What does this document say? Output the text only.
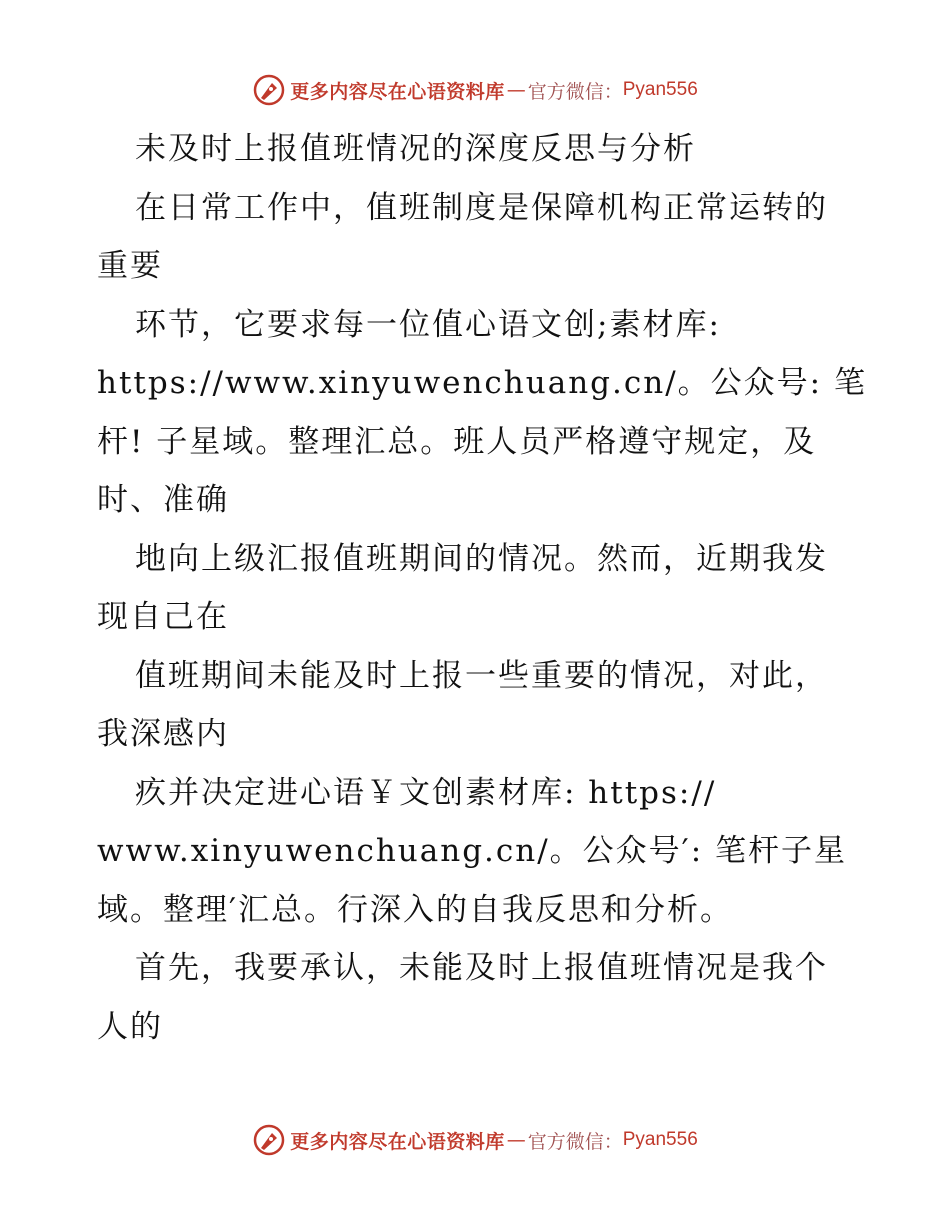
更多内容尽在心语资料库 — 官方微信： Pyan556
未及时上报值班情况的深度反思与分析
在日常工作中，值班制度是保障机构正常运转的
重要
环节，它要求每一位值心语文创;素材库:
https://www.xinyuwenchuang.cn/。公众号: 笔
杆! 子星域。整理汇总。班人员严格遵守规定，及
时、准确
地向上级汇报值班期间的情况。然而，近期我发
现自己在
值班期间未能及时上报一些重要的情况，对此，
我深感内
疚并决定进心语￥文创素材库: https://
www.xinyuwenchuang.cn/。公众号′: 笔杆子星
域。整理′汇总。行深入的自我反思和分析。
首先，我要承认，未能及时上报值班情况是我个
人的
更多内容尽在心语资料库 — 官方微信： Pyan556
